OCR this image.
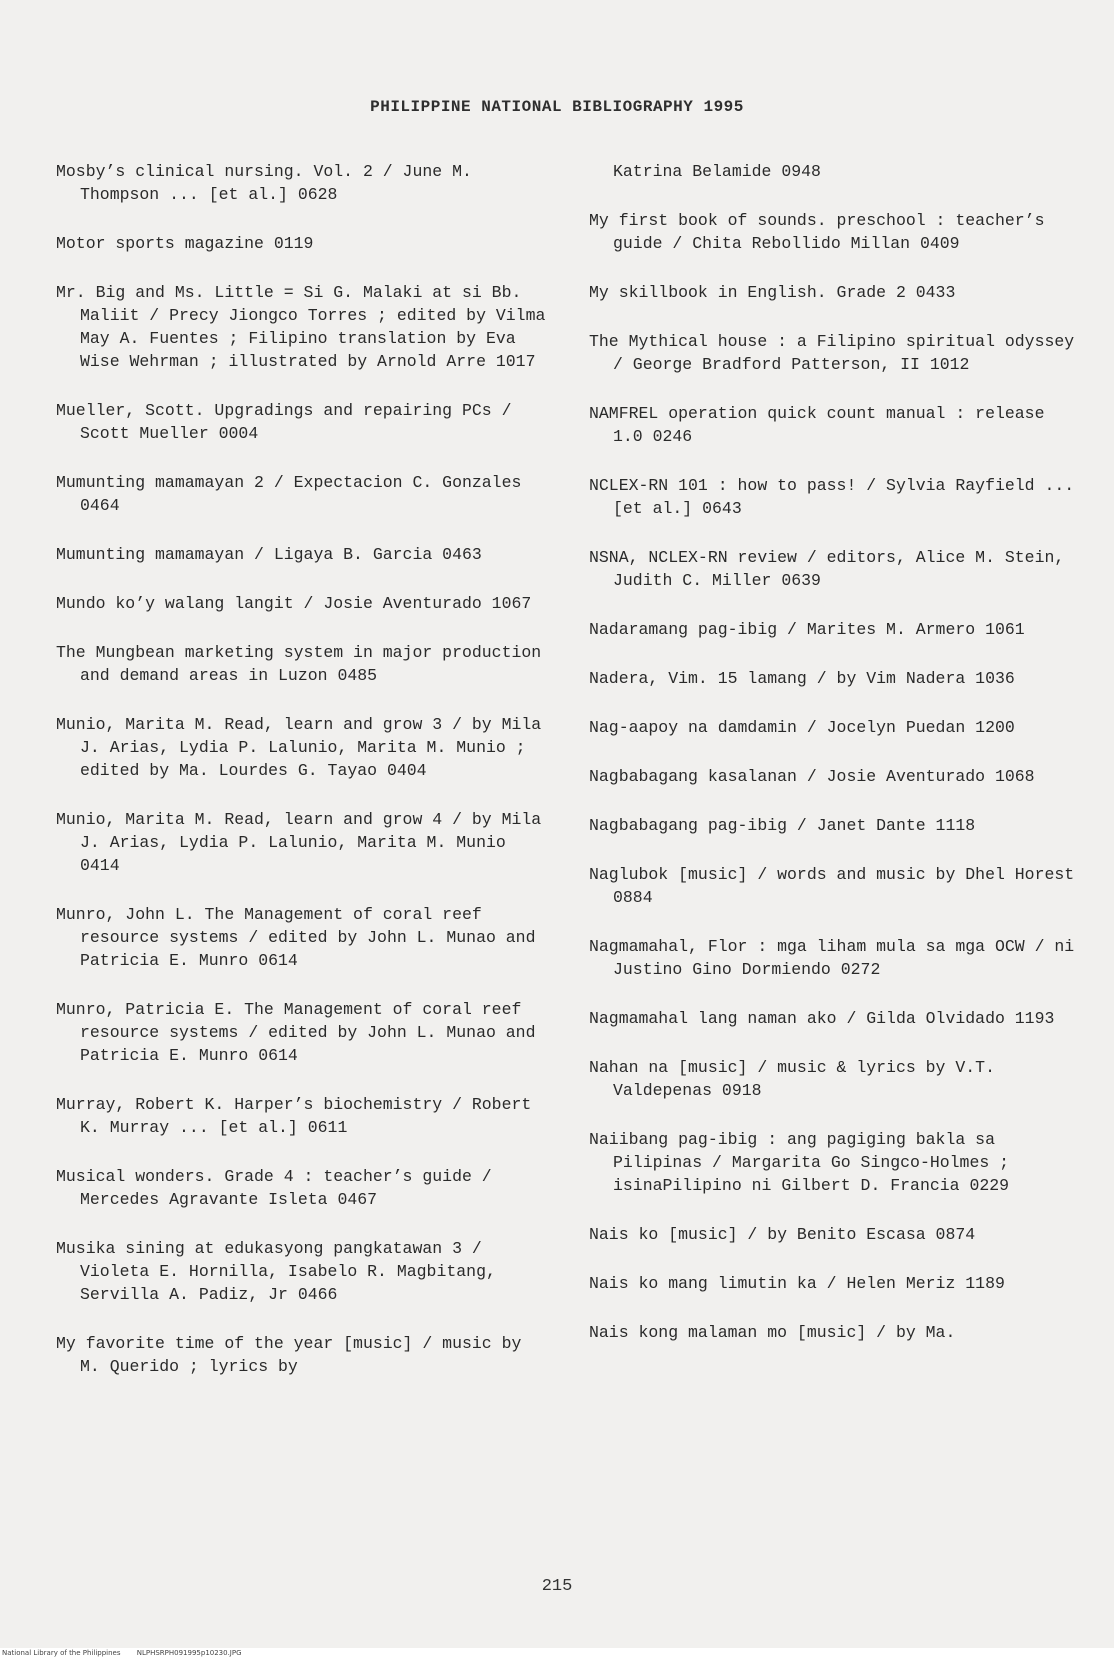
PHILIPPINE NATIONAL BIBLIOGRAPHY 1995

Mosby’s clinical nursing. Vol. 2 / June M. Thompson ... [et al.] 0628

Motor sports magazine 0119

Mr. Big and Ms. Little = Si G. Malaki at si Bb. Maliit / Precy Jiongco Torres ; edited by Vilma May A. Fuentes ; Filipino translation by Eva Wise Wehrman ; illustrated by Arnold Arre 1017

Mueller, Scott. Upgradings and repairing PCs / Scott Mueller 0004

Mumunting mamamayan 2 / Expectacion C. Gonzales 0464

Mumunting mamamayan / Ligaya B. Garcia 0463

Mundo ko’y walang langit / Josie Aventurado 1067

The Mungbean marketing system in major production and demand areas in Luzon 0485

Munio, Marita M. Read, learn and grow 3 / by Mila J. Arias, Lydia P. Lalunio, Marita M. Munio ; edited by Ma. Lourdes G. Tayao 0404

Munio, Marita M. Read, learn and grow 4 / by Mila J. Arias, Lydia P. Lalunio, Marita M. Munio 0414

Munro, John L. The Management of coral reef resource systems / edited by John L. Munao and Patricia E. Munro 0614

Munro, Patricia E. The Management of coral reef resource systems / edited by John L. Munao and Patricia E. Munro 0614

Murray, Robert K. Harper’s biochemistry / Robert K. Murray ... [et al.] 0611

Musical wonders. Grade 4 : teacher’s guide / Mercedes Agravante Isleta 0467

Musika sining at edukasyong pangkatawan 3 / Violeta E. Hornilla, Isabelo R. Magbitang, Servilla A. Padiz, Jr 0466

My favorite time of the year [music] / music by M. Querido ; lyrics by

Katrina Belamide 0948

My first book of sounds. preschool : teacher’s guide / Chita Rebollido Millan 0409

My skillbook in English. Grade 2 0433

The Mythical house : a Filipino spiritual odyssey / George Bradford Patterson, II 1012

NAMFREL operation quick count manual : release 1.0 0246

NCLEX-RN 101 : how to pass! / Sylvia Rayfield ... [et al.] 0643

NSNA, NCLEX-RN review / editors, Alice M. Stein, Judith C. Miller 0639

Nadaramang pag-ibig / Marites M. Armero 1061

Nadera, Vim. 15 lamang / by Vim Nadera 1036

Nag-aapoy na damdamin / Jocelyn Puedan 1200

Nagbabagang kasalanan / Josie Aventurado 1068

Nagbabagang pag-ibig / Janet Dante 1118

Naglubok [music] / words and music by Dhel Horest 0884

Nagmamahal, Flor : mga liham mula sa mga OCW / ni Justino Gino Dormiendo 0272

Nagmamahal lang naman ako / Gilda Olvidado 1193

Nahan na [music] / music & lyrics by V.T. Valdepenas 0918

Naiibang pag-ibig : ang pagiging bakla sa Pilipinas / Margarita Go Singco-Holmes ; isinaPilipino ni Gilbert D. Francia 0229

Nais ko [music] / by Benito Escasa 0874

Nais ko mang limutin ka / Helen Meriz 1189

Nais kong malaman mo [music] / by Ma.

215
National Library of the Philippines NLPHSRPH091995p10230.JPG
